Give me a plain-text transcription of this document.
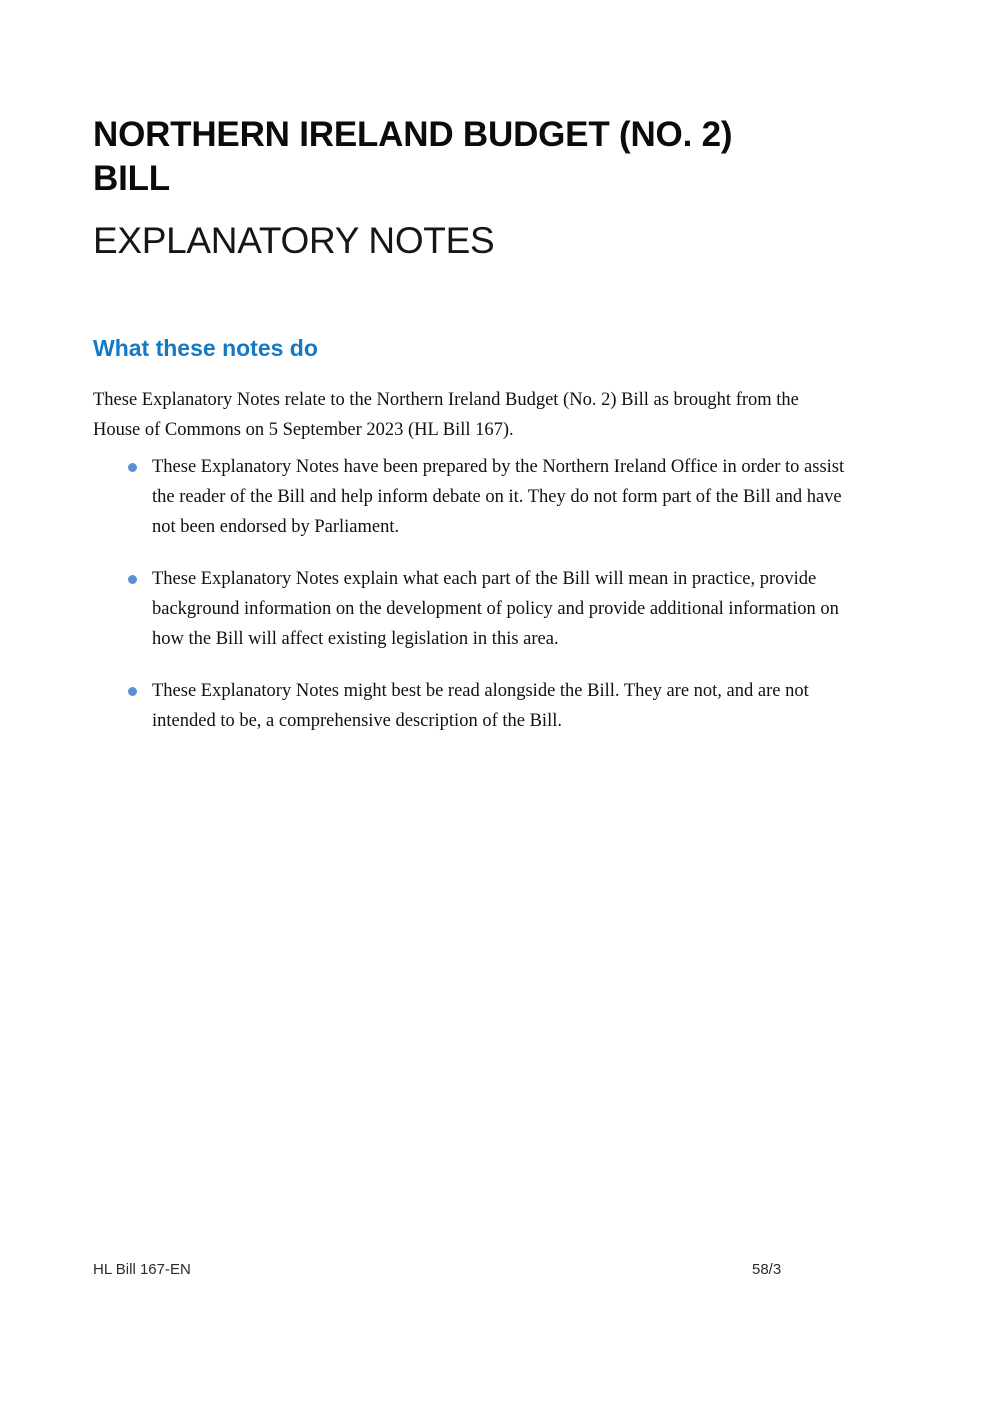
NORTHERN IRELAND BUDGET (NO. 2) BILL
EXPLANATORY NOTES
What these notes do

These Explanatory Notes relate to the Northern Ireland Budget (No. 2) Bill as brought from the House of Commons on 5 September 2023 (HL Bill 167).

These Explanatory Notes have been prepared by the Northern Ireland Office in order to assist the reader of the Bill and help inform debate on it. They do not form part of the Bill and have not been endorsed by Parliament.
These Explanatory Notes explain what each part of the Bill will mean in practice, provide background information on the development of policy and provide additional information on how the Bill will affect existing legislation in this area.
These Explanatory Notes might best be read alongside the Bill. They are not, and are not intended to be, a comprehensive description of the Bill.
HL Bill 167-EN	58/3
